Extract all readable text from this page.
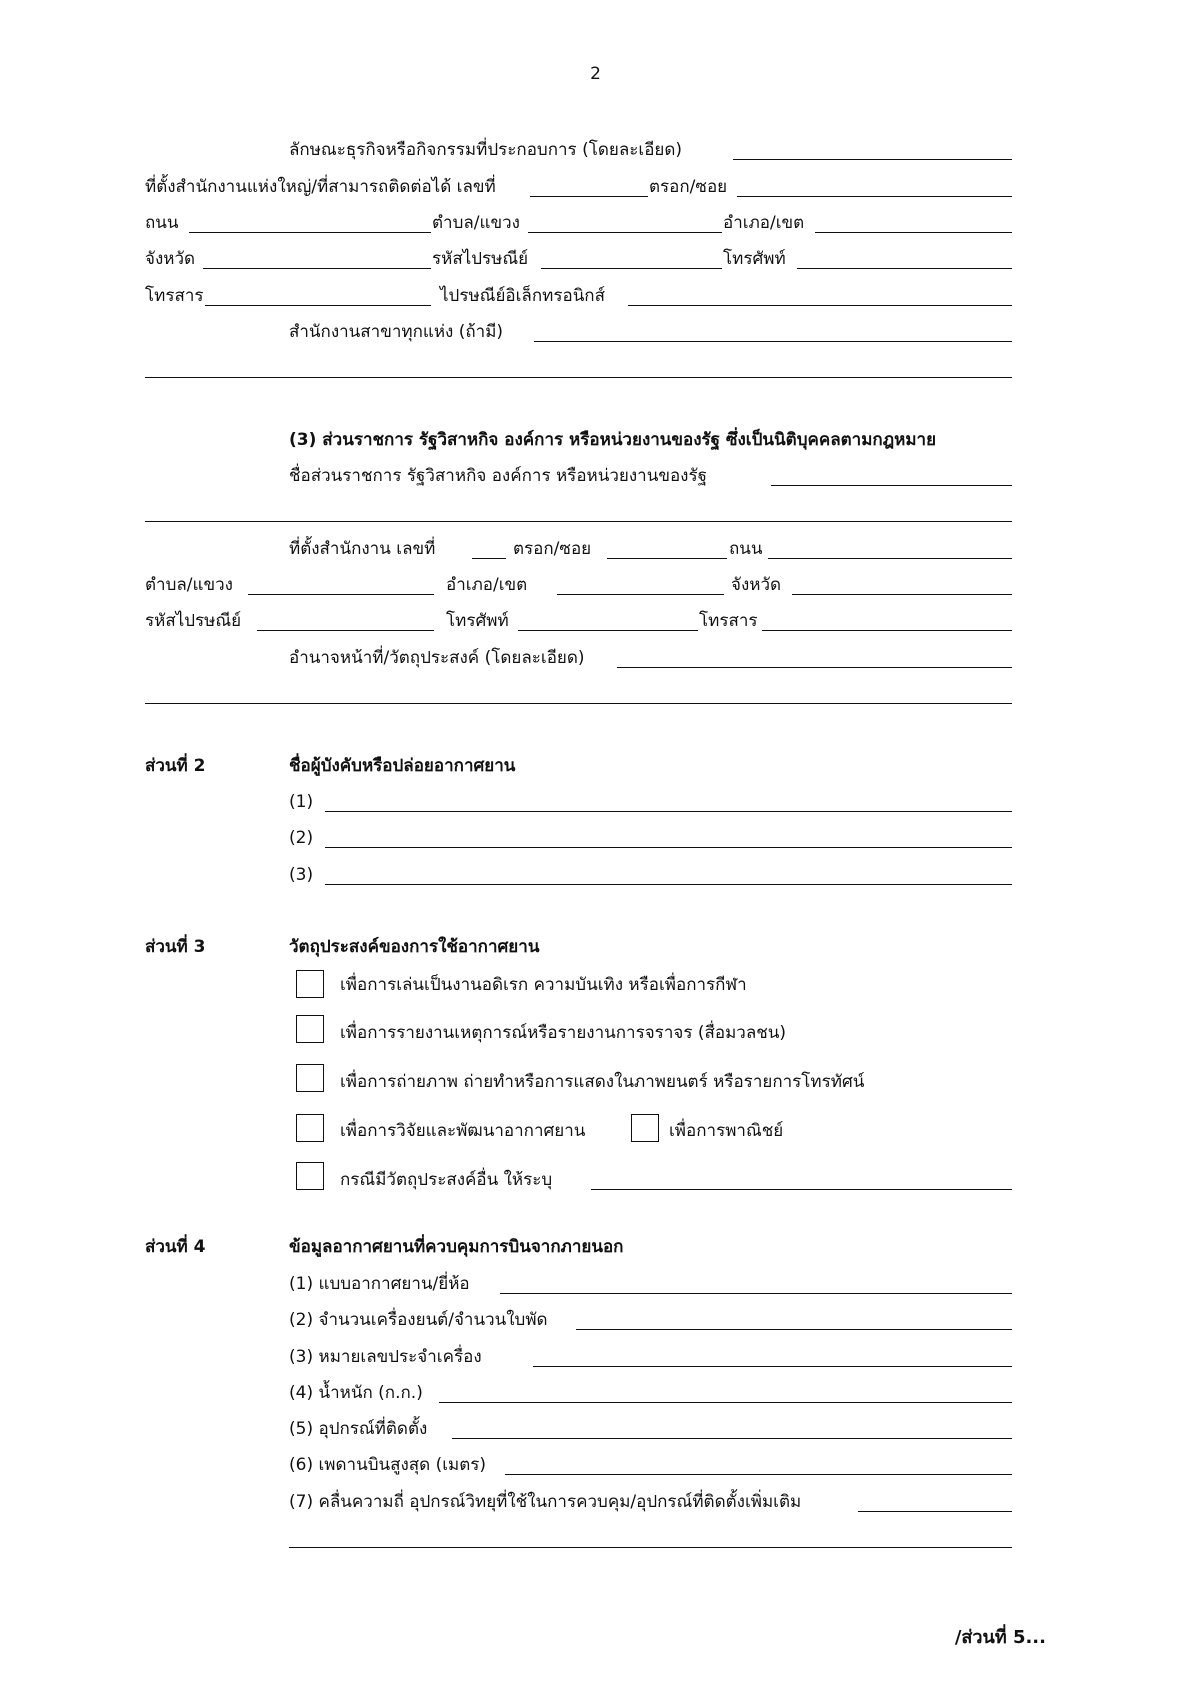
2
ลักษณะธุรกิจหรือกิจกรรมที่ประกอบการ (โดยละเอียด)
ที่ตั้งสำนักงานแห่งใหญ่/ที่สามารถติดต่อได้ เลขที่	ตรอก/ซอย
ถนน	ตำบล/แขวง	อำเภอ/เขต
จังหวัด	รหัสไปรษณีย์	โทรศัพท์
โทรสาร	ไปรษณีย์อิเล็กทรอนิกส์
สำนักงานสาขาทุกแห่ง (ถ้ามี)
(3) ส่วนราชการ รัฐวิสาหกิจ องค์การ หรือหน่วยงานของรัฐ ซึ่งเป็นนิติบุคคลตามกฎหมาย
ชื่อส่วนราชการ รัฐวิสาหกิจ องค์การ หรือหน่วยงานของรัฐ
ที่ตั้งสำนักงาน เลขที่	ตรอก/ซอย	ถนน
ตำบล/แขวง	อำเภอ/เขต	จังหวัด
รหัสไปรษณีย์	โทรศัพท์	โทรสาร
อำนาจหน้าที่/วัตถุประสงค์ (โดยละเอียด)
ส่วนที่ 2	ชื่อผู้บังคับหรือปล่อยอากาศยาน
(1)
(2)
(3)
ส่วนที่ 3	วัตถุประสงค์ของการใช้อากาศยาน
เพื่อการเล่นเป็นงานอดิเรก ความบันเทิง หรือเพื่อการกีฬา
เพื่อการรายงานเหตุการณ์หรือรายงานการจราจร (สื่อมวลชน)
เพื่อการถ่ายภาพ ถ่ายทำหรือการแสดงในภาพยนตร์ หรือรายการโทรทัศน์
เพื่อการวิจัยและพัฒนาอากาศยาน	เพื่อการพาณิชย์
กรณีมีวัตถุประสงค์อื่น ให้ระบุ
ส่วนที่ 4	ข้อมูลอากาศยานที่ควบคุมการบินจากภายนอก
(1) แบบอากาศยาน/ยี่ห้อ
(2) จำนวนเครื่องยนต์/จำนวนใบพัด
(3) หมายเลขประจำเครื่อง
(4) น้ำหนัก (ก.ก.)
(5) อุปกรณ์ที่ติดตั้ง
(6) เพดานบินสูงสุด (เมตร)
(7) คลื่นความถี่ อุปกรณ์วิทยุที่ใช้ในการควบคุม/อุปกรณ์ที่ติดตั้งเพิ่มเติม
/ส่วนที่ 5...
